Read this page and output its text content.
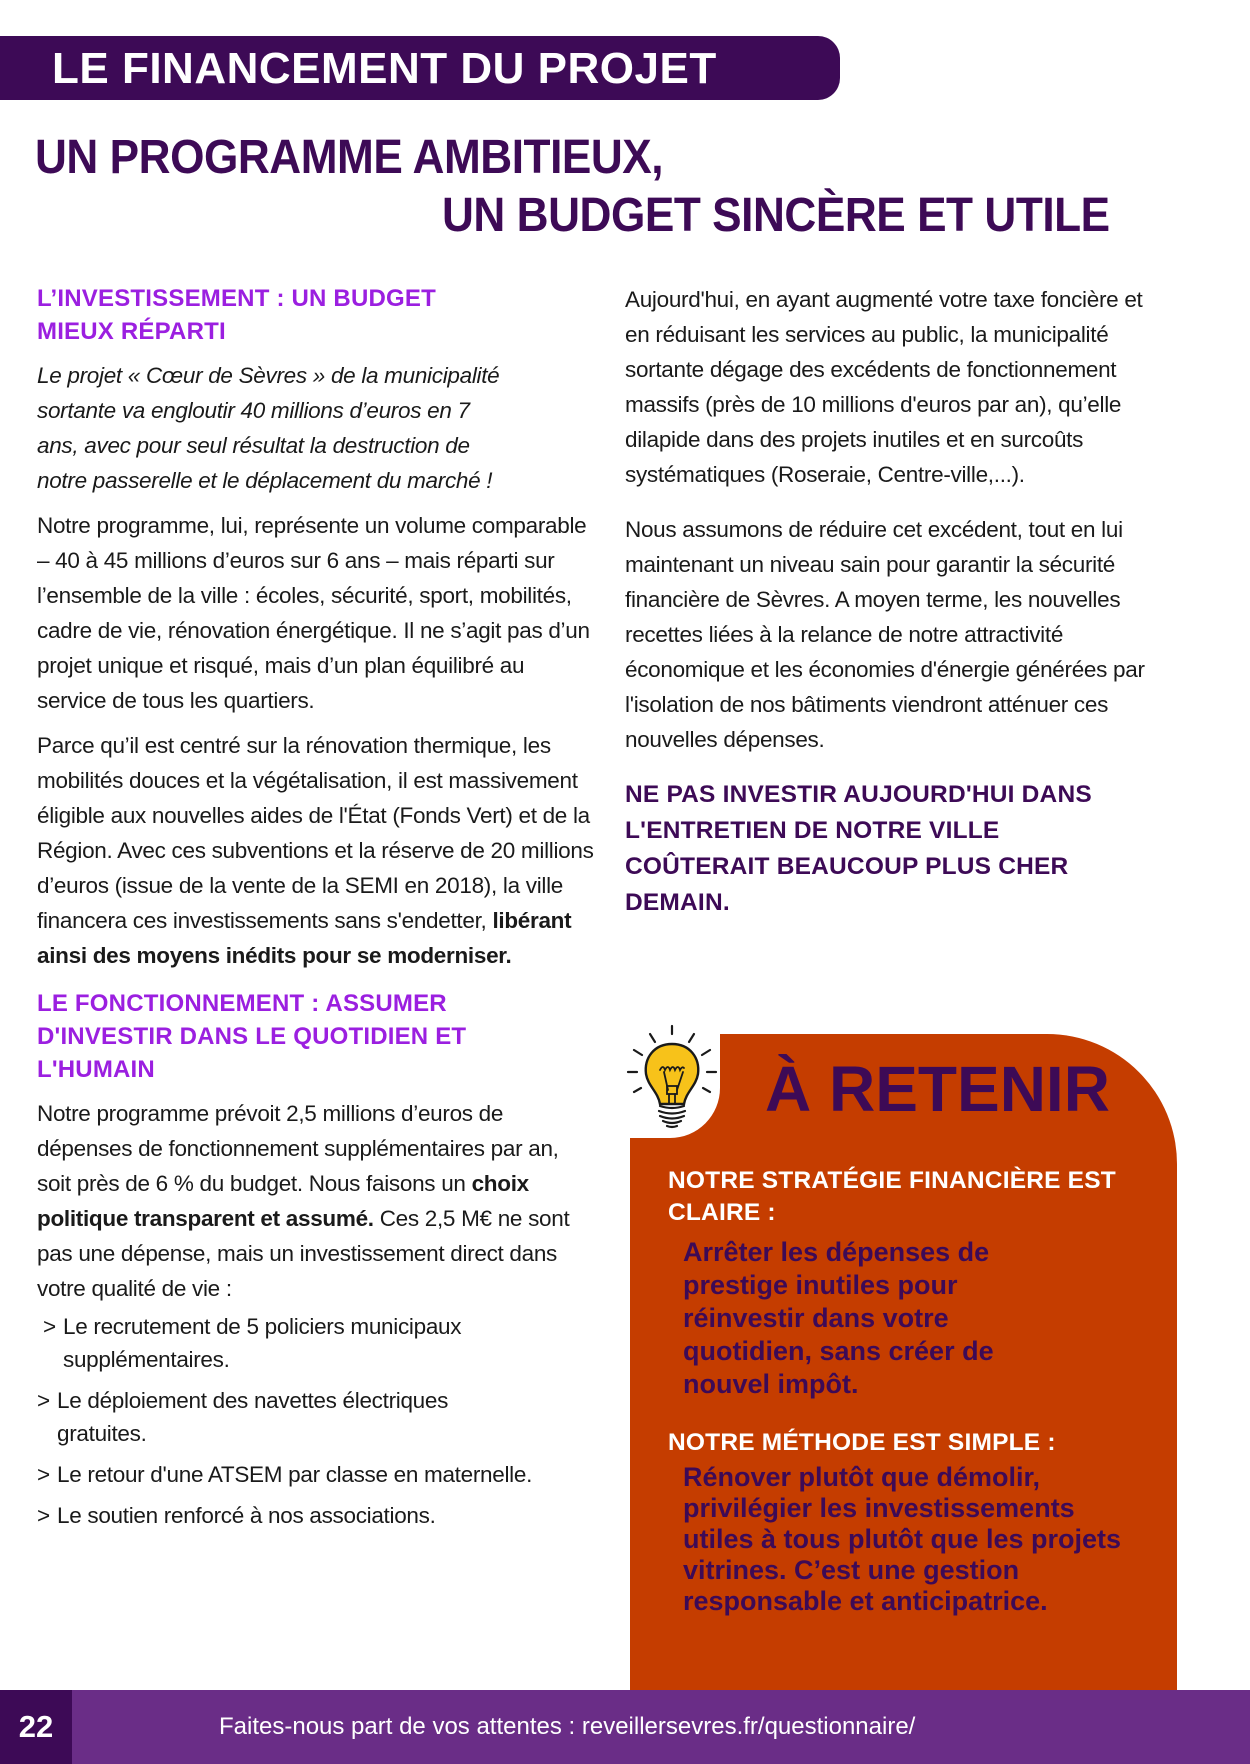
LE FINANCEMENT DU PROJET
UN PROGRAMME AMBITIEUX,
UN BUDGET SINCÈRE ET UTILE
L’INVESTISSEMENT : UN BUDGET MIEUX RÉPARTI

Le projet « Cœur de Sèvres » de la municipalité sortante va engloutir 40 millions d’euros en 7 ans, avec pour seul résultat la destruction de notre passerelle et le déplacement du marché !

Notre programme, lui, représente un volume comparable – 40 à 45 millions d’euros sur 6 ans – mais réparti sur l’ensemble de la ville : écoles, sécurité, sport, mobilités, cadre de vie, rénovation énergétique. Il ne s’agit pas d’un projet unique et risqué, mais d’un plan équilibré au service de tous les quartiers.

Parce qu’il est centré sur la rénovation thermique, les mobilités douces et la végétalisation, il est massivement éligible aux nouvelles aides de l'État (Fonds Vert) et de la Région. Avec ces subventions et la réserve de 20 millions d’euros (issue de la vente de la SEMI en 2018), la ville financera ces investissements sans s'endetter, libérant ainsi des moyens inédits pour se moderniser.

LE FONCTIONNEMENT : ASSUMER D'INVESTIR DANS LE QUOTIDIEN ET L'HUMAIN

Notre programme prévoit 2,5 millions d’euros de dépenses de fonctionnement supplémentaires par an, soit près de 6 % du budget. Nous faisons un choix politique transparent et assumé. Ces 2,5 M€ ne sont pas une dépense, mais un investissement direct dans votre qualité de vie :

> Le recrutement de 5 policiers municipaux supplémentaires.
> Le déploiement des navettes électriques gratuites.
> Le retour d'une ATSEM par classe en maternelle.
> Le soutien renforcé à nos associations.

Aujourd'hui, en ayant augmenté votre taxe foncière et en réduisant les services au public, la municipalité sortante dégage des excédents de fonctionnement massifs (près de 10 millions d'euros par an), qu’elle dilapide dans des projets inutiles et en surcoûts systématiques (Roseraie, Centre-ville,...).

Nous assumons de réduire cet excédent, tout en lui maintenant un niveau sain pour garantir la sécurité financière de Sèvres. A moyen terme, les nouvelles recettes liées à la relance de notre attractivité économique et les économies d'énergie générées par l'isolation de nos bâtiments viendront atténuer ces nouvelles dépenses.

NE PAS INVESTIR AUJOURD'HUI DANS L'ENTRETIEN DE NOTRE VILLE COÛTERAIT BEAUCOUP PLUS CHER DEMAIN.

À RETENIR
NOTRE STRATÉGIE FINANCIÈRE EST CLAIRE :
Arrêter les dépenses de prestige inutiles pour réinvestir dans votre quotidien, sans créer de nouvel impôt.
NOTRE MÉTHODE EST SIMPLE :
Rénover plutôt que démolir, privilégier les investissements utiles à tous plutôt que les projets vitrines. C’est une gestion responsable et anticipatrice.
22	Faites-nous part de vos attentes : reveillersevres.fr/questionnaire/
